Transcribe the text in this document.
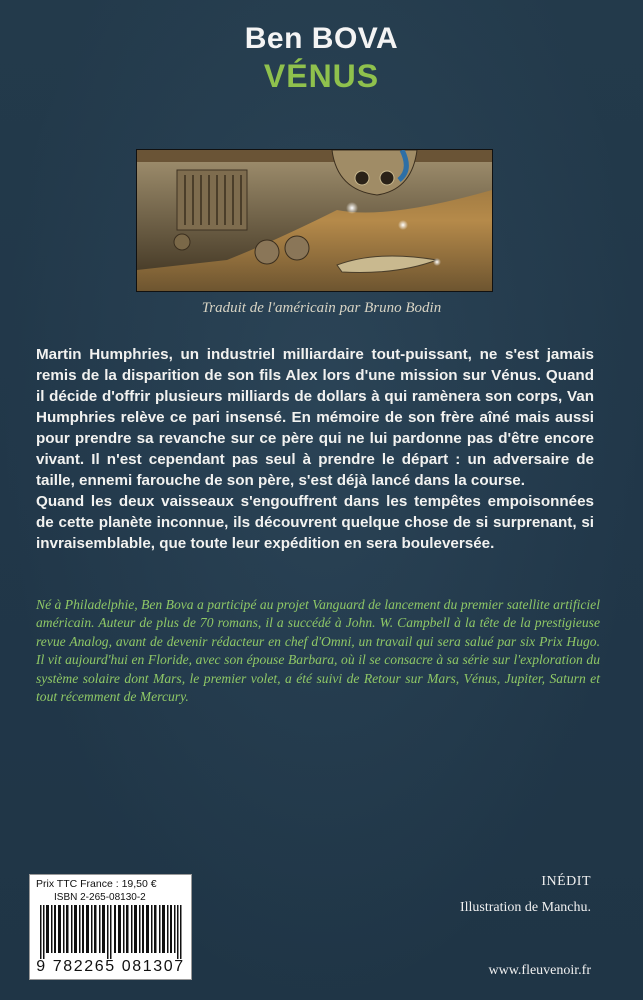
Ben BOVA
VÉNUS
Traduit de l'américain par Bruno Bodin

Martin Humphries, un industriel milliardaire tout-puissant, ne s'est jamais remis de la disparition de son fils Alex lors d'une mission sur Vénus. Quand il décide d'offrir plusieurs milliards de dollars à qui ramènera son corps, Van Humphries relève ce pari insensé. En mémoire de son frère aîné mais aussi pour prendre sa revanche sur ce père qui ne lui pardonne pas d'être encore vivant. Il n'est cependant pas seul à prendre le départ : un adversaire de taille, ennemi farouche de son père, s'est déjà lancé dans la course.

Quand les deux vaisseaux s'engouffrent dans les tempêtes empoisonnées de cette planète inconnue, ils découvrent quelque chose de si surprenant, si invraisemblable, que toute leur expédition en sera bouleversée.

Né à Philadelphie, Ben Bova a participé au projet Vanguard de lancement du premier satellite artificiel américain. Auteur de plus de 70 romans, il a succédé à John. W. Campbell à la tête de la prestigieuse revue Analog, avant de devenir rédacteur en chef d'Omni, un travail qui sera salué par six Prix Hugo. Il vit aujourd'hui en Floride, avec son épouse Barbara, où il se consacre à sa série sur l'exploration du système solaire dont Mars, le premier volet, a été suivi de Retour sur Mars, Vénus, Jupiter, Saturn et tout récemment de Mercury.
Prix TTC France : 19,50 €
ISBN 2-265-08130-2
9 782265 081307
INÉDIT
Illustration de Manchu.
www.fleuvenoir.fr
